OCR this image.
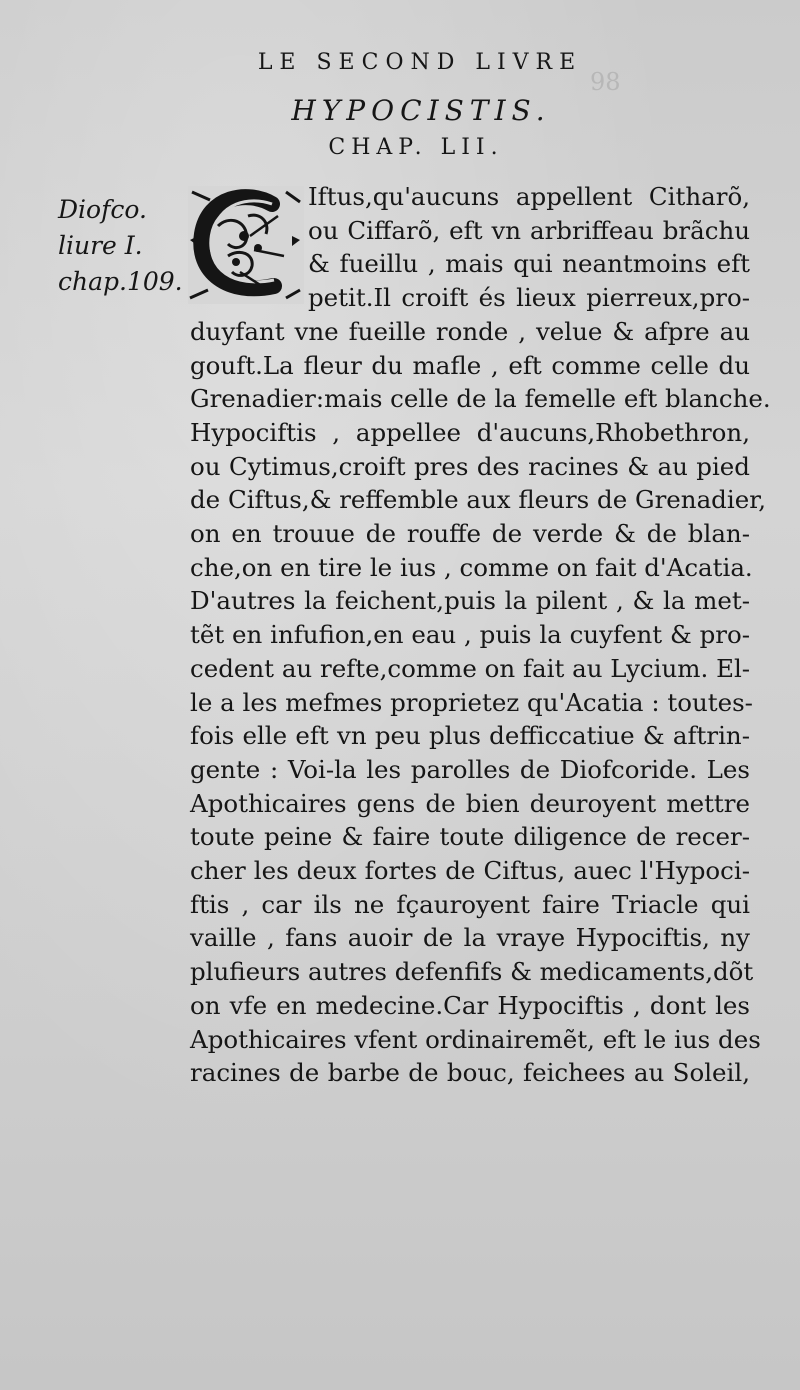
98
LE SECOND LIVRE
HYPOCISTIS.
CHAP. LII.
Diofco.
liure I.
chap.109.
Iftus,qu'aucuns appellent Citharõ,
ou Ciffarõ, eft vn arbriffeau brãchu
& fueillu , mais qui neantmoins eft
petit.Il croift és lieux pierreux,pro-
duyfant vne fueille ronde , velue & afpre au
gouft.La fleur du mafle , eft comme celle du
Grenadier:mais celle de la femelle eft blanche.
Hypociftis , appellee d'aucuns,Rhobethron,
ou Cytimus,croift pres des racines & au pied
de Ciftus,& reffemble aux fleurs de Grenadier,
on en trouue de rouffe de verde & de blan-
che,on en tire le ius , comme on fait d'Acatia.
D'autres la feichent,puis la pilent , & la met-
tẽt en infufion,en eau , puis la cuyfent & pro-
cedent au refte,comme on fait au Lycium. El-
le a les mefmes proprietez qu'Acatia : toutes-
fois elle eft vn peu plus defficcatiue & aftrin-
gente : Voi-la les parolles de Diofcoride. Les
Apothicaires gens de bien deuroyent mettre
toute peine & faire toute diligence de recer-
cher les deux fortes de Ciftus, auec l'Hypoci-
ftis , car ils ne fçauroyent faire Triacle qui
vaille , fans auoir de la vraye Hypociftis, ny
plufieurs autres defenfifs & medicaments,dõt
on vfe en medecine.Car Hypociftis , dont les
Apothicaires vfent ordinairemẽt, eft le ius des
racines de barbe de bouc, feichees au Soleil,
